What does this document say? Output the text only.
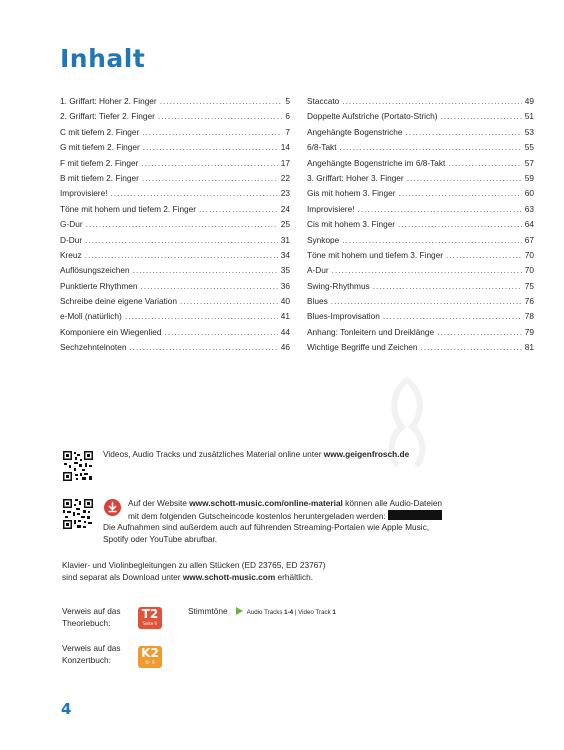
Inhalt
1. Griffart: Hoher 2. Finger .....	5
2. Griffart: Tiefer 2. Finger .....	6
C mit tiefem 2. Finger .....	7
G mit tiefem 2. Finger .....	14
F mit tiefem 2. Finger .....	17
B mit tiefem 2. Finger .....	22
Improvisiere! .....	23
Töne mit hohem und tiefem 2. Finger .....	24
G-Dur .....	25
D-Dur .....	31
Kreuz .....	34
Auflösungszeichen .....	35
Punktierte Rhythmen .....	36
Schreibe deine eigene Variation .....	40
e-Moll (natürlich) .....	41
Komponiere ein Wiegenlied .....	44
Sechzehntelnoten .....	46
Staccato .....	49
Doppelte Aufstriche (Portato-Strich) .....	51
Angehängte Bogenstriche .....	53
6/8-Takt .....	55
Angehängte Bogenstriche im 6/8-Takt .....	57
3. Griffart: Hoher 3. Finger .....	59
Gis mit hohem 3. Finger .....	60
Improvisiere! .....	63
Cis mit hohem 3. Finger .....	64
Synkope .....	67
Töne mit hohem und tiefem 3. Finger .....	70
A-Dur .....	70
Swing-Rhythmus .....	75
Blues .....	76
Blues-Improvisation .....	78
Anhang: Tonleitern und Dreiklänge .....	79
Wichtige Begriffe und Zeichen .....	81
Videos, Audio Tracks und zusätzliches Material online unter www.geigenfrosch.de
Auf der Website www.schott-music.com/online-material können alle Audio-Dateien
mit dem folgenden Gutscheincode kostenlos heruntergeladen werden:
Die Aufnahmen sind außerdem auch auf führenden Streaming-Portalen wie Apple Music,
Spotify oder YouTube abrufbar.
Klavier- und Violinbegleitungen zu allen Stücken (ED 23765, ED 23767)
sind separat als Download unter www.schott-music.com erhältlich.
Verweis auf das
Theoriebuch:
T2
Seite 9
Verweis auf das
Konzertbuch:	K2
Nr. 9
Stimmtöne	Audio Tracks 1-4 | Video Track 1
4
